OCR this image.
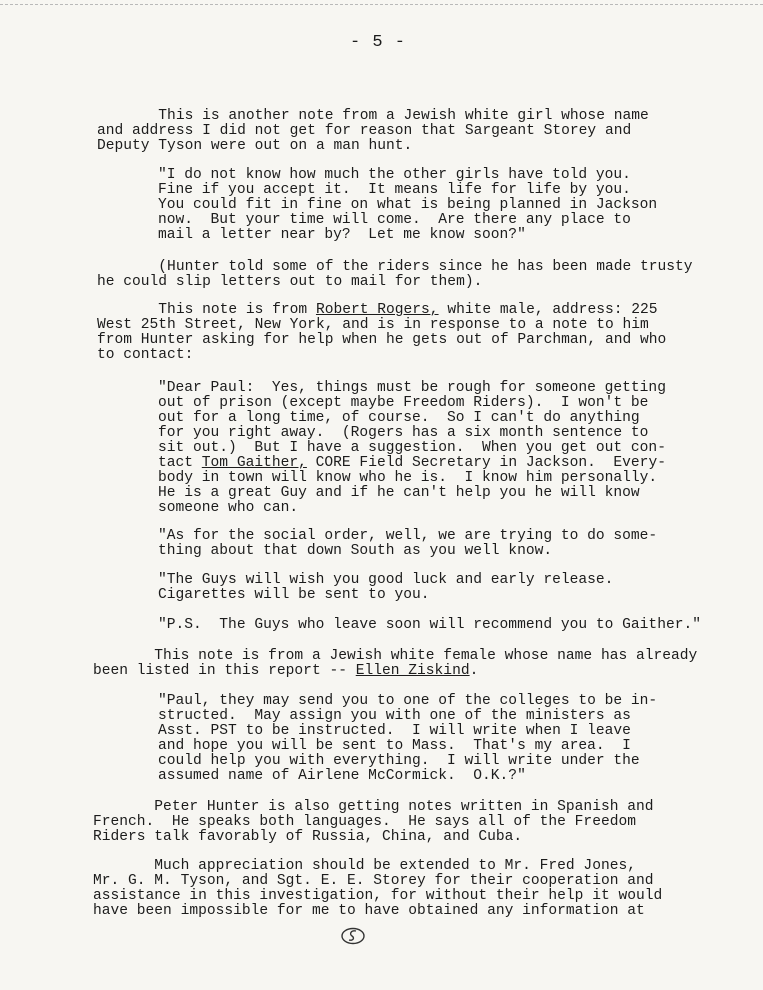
- 5 -

This is another note from a Jewish white girl whose name
and address I did not get for reason that Sargeant Storey and
Deputy Tyson were out on a man hunt.

"I do not know how much the other girls have told you.
Fine if you accept it.  It means life for life by you.
You could fit in fine on what is being planned in Jackson
now.  But your time will come.  Are there any place to
mail a letter near by?  Let me know soon?"

(Hunter told some of the riders since he has been made trusty
he could slip letters out to mail for them).

This note is from Robert Rogers, white male, address: 225
West 25th Street, New York, and is in response to a note to him
from Hunter asking for help when he gets out of Parchman, and who
to contact:

"Dear Paul:  Yes, things must be rough for someone getting
out of prison (except maybe Freedom Riders).  I won't be
out for a long time, of course.  So I can't do anything
for you right away.  (Rogers has a six month sentence to
sit out.)  But I have a suggestion.  When you get out con-
tact Tom Gaither, CORE Field Secretary in Jackson.  Every-
body in town will know who he is.  I know him personally.
He is a great Guy and if he can't help you he will know
someone who can.

"As for the social order, well, we are trying to do some-
thing about that down South as you well know.

"The Guys will wish you good luck and early release.
Cigarettes will be sent to you.

"P.S.  The Guys who leave soon will recommend you to Gaither."

This note is from a Jewish white female whose name has already
been listed in this report -- Ellen Ziskind.

"Paul, they may send you to one of the colleges to be in-
structed.  May assign you with one of the ministers as
Asst. PST to be instructed.  I will write when I leave
and hope you will be sent to Mass.  That's my area.  I
could help you with everything.  I will write under the
assumed name of Airlene McCormick.  O.K.?"

Peter Hunter is also getting notes written in Spanish and
French.  He speaks both languages.  He says all of the Freedom
Riders talk favorably of Russia, China, and Cuba.

Much appreciation should be extended to Mr. Fred Jones,
Mr. G. M. Tyson, and Sgt. E. E. Storey for their cooperation and
assistance in this investigation, for without their help it would
have been impossible for me to have obtained any information at
